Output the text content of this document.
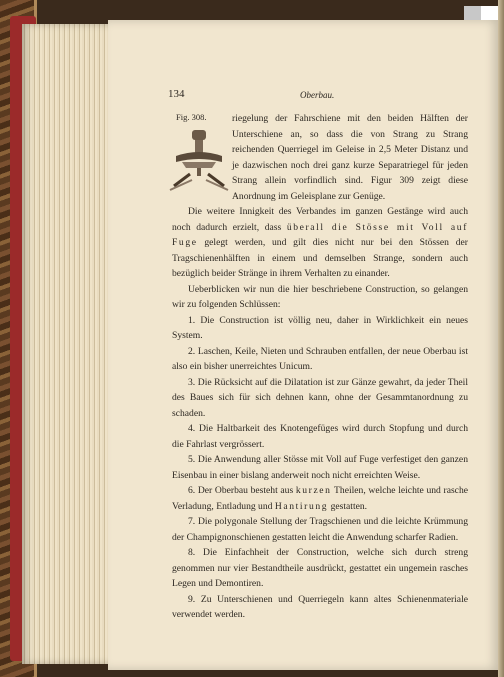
134	Oberbau.
Fig. 308.	riegelung der Fahrschiene mit den beiden Hälften der Unterschiene an, so dass die von Strang zu Strang reichenden Querriegel im Geleise in 2,5 Meter Distanz und je dazwischen noch drei ganz kurze Separatriegel für jeden Strang allein vorfindlich sind. Figur 309 zeigt diese Anordnung im Geleisplane zur Genüge.

Die weitere Innigkeit des Verbandes im ganzen Gestänge wird auch noch dadurch erzielt, dass überall die Stösse mit Voll auf Fuge gelegt werden, und gilt dies nicht nur bei den Stössen der Tragschienenhälften in einem und demselben Strange, sondern auch bezüglich beider Stränge in ihrem Verhalten zu einander.

Ueberblicken wir nun die hier beschriebene Construction, so gelangen wir zu folgenden Schlüssen:

1. Die Construction ist völlig neu, daher in Wirklichkeit ein neues System.

2. Laschen, Keile, Nieten und Schrauben entfallen, der neue Oberbau ist also ein bisher unerreichtes Unicum.

3. Die Rücksicht auf die Dilatation ist zur Gänze gewahrt, da jeder Theil des Baues sich für sich dehnen kann, ohne der Gesammtanordnung zu schaden.

4. Die Haltbarkeit des Knotengefüges wird durch Stopfung und durch die Fahrlast vergrössert.

5. Die Anwendung aller Stösse mit Voll auf Fuge verfestiget den ganzen Eisenbau in einer bislang anderweit noch nicht erreichten Weise.

6. Der Oberbau besteht aus kurzen Theilen, welche leichte und rasche Verladung, Entladung und Hantirung gestatten.

7. Die polygonale Stellung der Tragschienen und die leichte Krümmung der Champignonschienen gestatten leicht die Anwendung scharfer Radien.

8. Die Einfachheit der Construction, welche sich durch streng genommen nur vier Bestandtheile ausdrückt, gestattet ein ungemein rasches Legen und Demontiren.

9. Zu Unterschienen und Querriegeln kann altes Schienenmateriale verwendet werden.
